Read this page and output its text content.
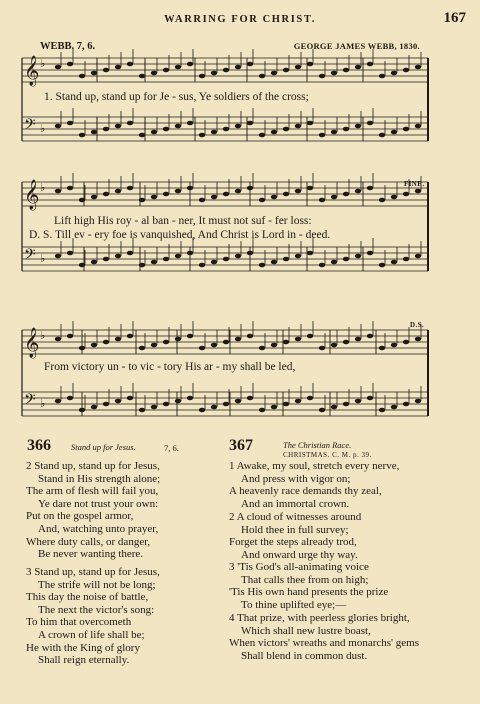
WARRING FOR CHRIST.	167
WEBB. 7, 6.	GEORGE JAMES WEBB, 1830.
𝄞 ♭
𝄢 ♭
𝄞 ♭
𝄢 ♭
𝄞 ♭
𝄢 ♭
1. Stand up, stand up for Je - sus, Ye soldiers of the cross;
FINE.
Lift high His roy - al ban - ner, It must not suf - fer loss:
D. S. Till ev - ery foe is vanquished, And Christ is Lord in - deed.
D.S.
From victory un - to vic - tory His ar - my shall be led,
366 Stand up for Jesus.	7, 6.
2 Stand up, stand up for Jesus,
Stand in His strength alone;
The arm of flesh will fail you,
Ye dare not trust your own:
Put on the gospel armor,
And, watching unto prayer,
Where duty calls, or danger,
Be never wanting there.
3 Stand up, stand up for Jesus,
The strife will not be long;
This day the noise of battle,
The next the victor's song:
To him that overcometh
A crown of life shall be;
He with the King of glory
Shall reign eternally.
367	The Christian Race.
CHRISTMAS. C. M. p. 39.
1 Awake, my soul, stretch every nerve,
And press with vigor on;
A heavenly race demands thy zeal,
And an immortal crown.
2 A cloud of witnesses around
Hold thee in full survey;
Forget the steps already trod,
And onward urge thy way.
3 'Tis God's all-animating voice
That calls thee from on high;
'Tis His own hand presents the prize
To thine uplifted eye;—
4 That prize, with peerless glories bright,
Which shall new lustre boast,
When victors' wreaths and monarchs' gems
Shall blend in common dust.
